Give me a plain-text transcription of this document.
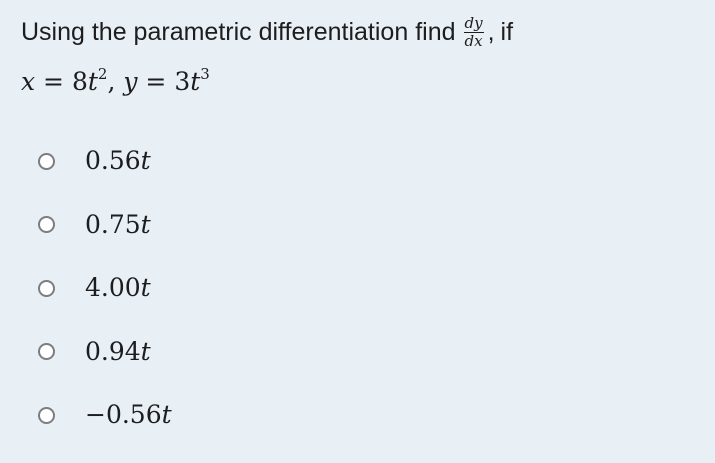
Using the parametric differentiation find $\frac{dy}{dx}$ , if
$x = 8t^2$, $y = 3t^3$
0.56t
0.75t
4.00t
0.94t
−0.56t
